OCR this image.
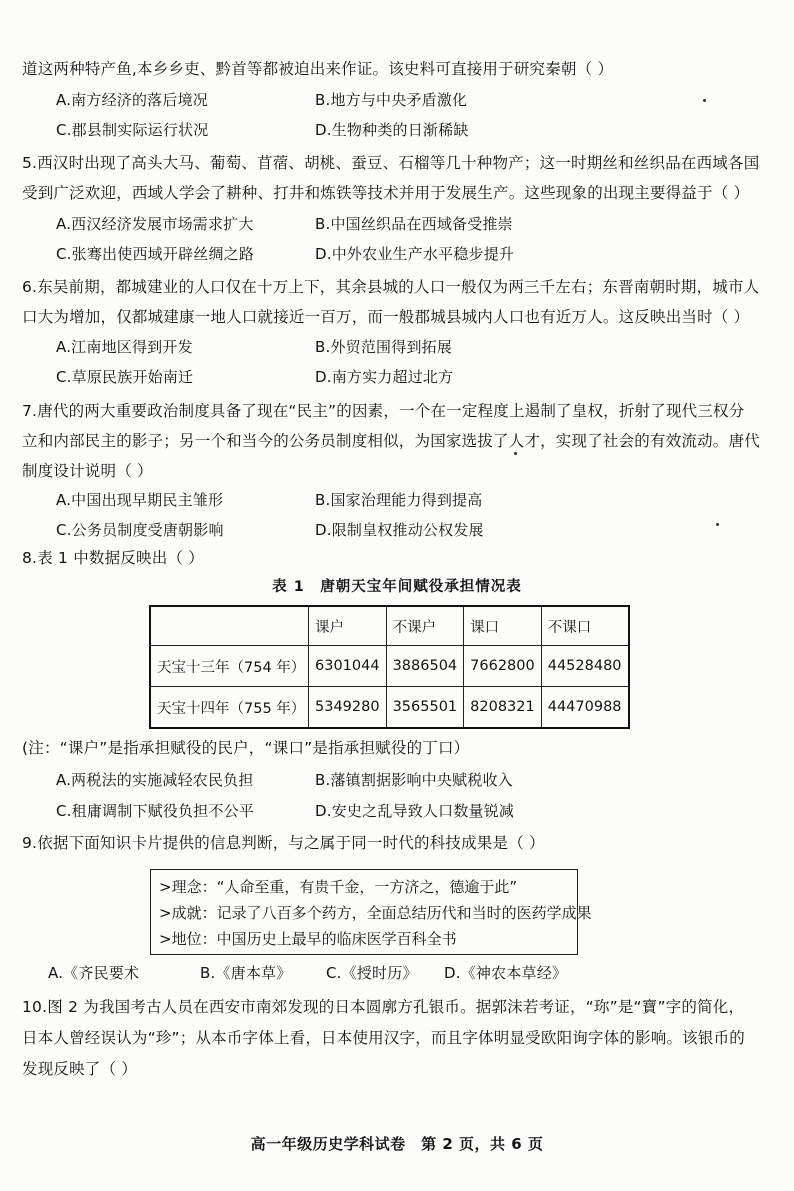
道这两种特产鱼,本乡乡吏、黔首等都被迫出来作证。该史料可直接用于研究秦朝（ ）
A.南方经济的落后境况	B.地方与中央矛盾激化
C.郡县制实际运行状况	D.生物种类的日渐稀缺
5.西汉时出现了高头大马、葡萄、苜蓿、胡桃、蚕豆、石榴等几十种物产；这一时期丝和丝织品在西域各国
受到广泛欢迎，西域人学会了耕种、打井和炼铁等技术并用于发展生产。这些现象的出现主要得益于（ ）
A.西汉经济发展市场需求扩大	B.中国丝织品在西域备受推崇
C.张骞出使西域开辟丝绸之路	D.中外农业生产水平稳步提升
6.东吴前期，都城建业的人口仅在十万上下，其余县城的人口一般仅为两三千左右；东晋南朝时期，城市人
口大为增加，仅都城建康一地人口就接近一百万，而一般郡城县城内人口也有近万人。这反映出当时（ ）
A.江南地区得到开发	B.外贸范围得到拓展
C.草原民族开始南迁	D.南方实力超过北方
7.唐代的两大重要政治制度具备了现在“民主”的因素，一个在一定程度上遏制了皇权，折射了现代三权分
立和内部民主的影子；另一个和当今的公务员制度相似，为国家选拔了人才，实现了社会的有效流动。唐代
制度设计说明（ ）
A.中国出现早期民主雏形	B.国家治理能力得到提高
C.公务员制度受唐朝影响	D.限制皇权推动公权发展
8.表 1 中数据反映出（ ）
表 1　唐朝天宝年间赋役承担情况表
	课户	不课户	课口	不课口
天宝十三年（754 年）	6301044	3886504	7662800	44528480
天宝十四年（755 年）	5349280	3565501	8208321	44470988
(注：“课户”是指承担赋役的民户，“课口”是指承担赋役的丁口）
A.两税法的实施减轻农民负担	B.藩镇割据影响中央赋税收入
C.租庸调制下赋役负担不公平	D.安史之乱导致人口数量锐减
9.依据下面知识卡片提供的信息判断，与之属于同一时代的科技成果是（ ）
>理念：“人命至重，有贵千金，一方济之，德逾于此”
>成就：记录了八百多个药方，全面总结历代和当时的医药学成果
>地位：中国历史上最早的临床医学百科全书
A.《齐民要术	B.《唐本草》 C.《授时历》 D.《神农本草经》
10.图 2 为我国考古人员在西安市南郊发现的日本圆廓方孔银币。据郭沫若考证，“珎”是“寶”字的简化，
日本人曾经误认为“珍”；从本币字体上看，日本使用汉字，而且字体明显受欧阳询字体的影响。该银币的
发现反映了（ ）
高一年级历史学科试卷　第 2 页，共 6 页
